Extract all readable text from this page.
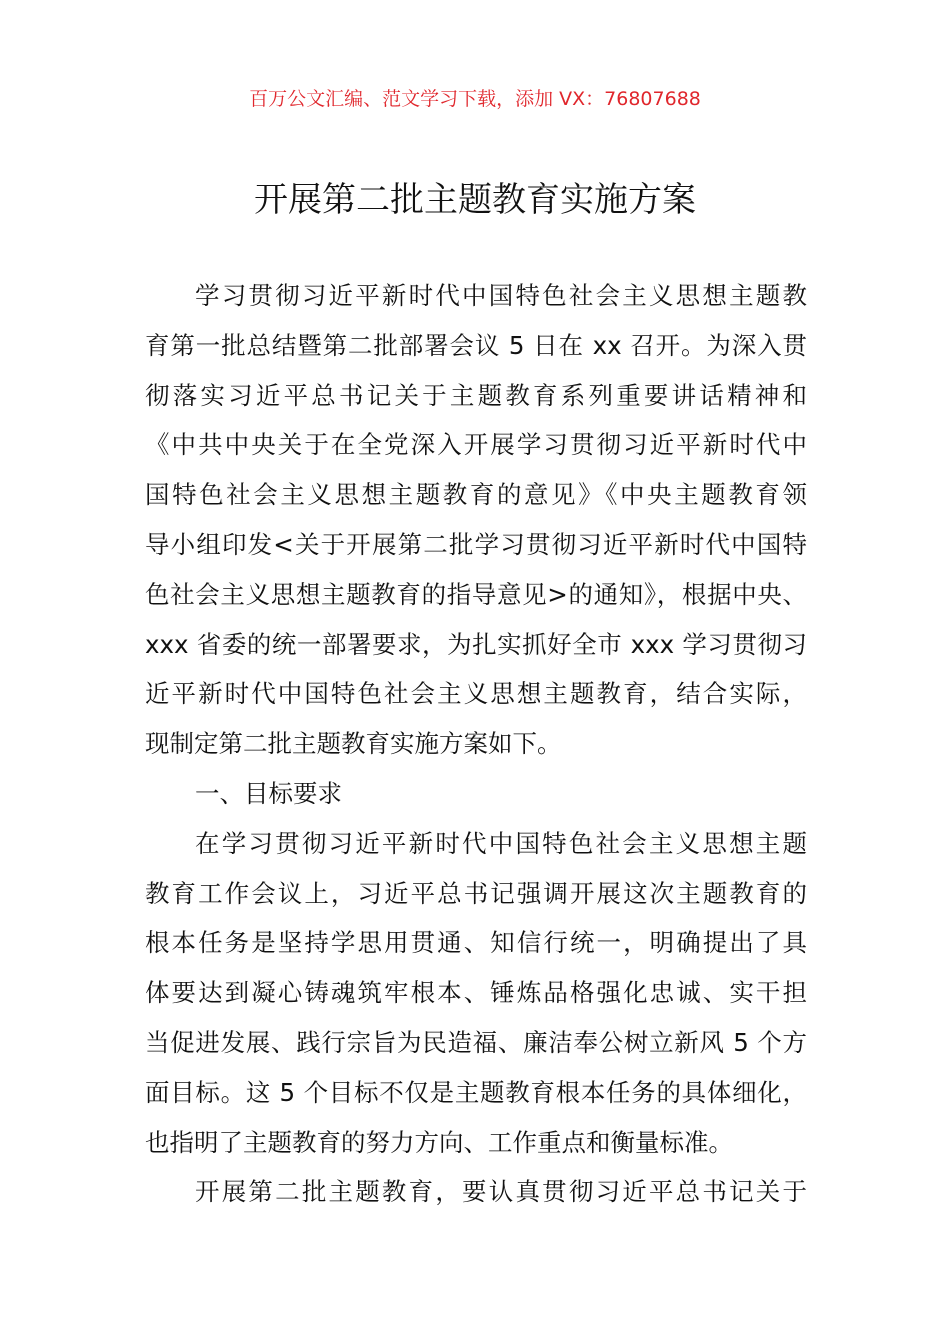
百万公文汇编、范文学习下载，添加 VX：76807688
开展第二批主题教育实施方案
学习贯彻习近平新时代中国特色社会主义思想主题教
育第一批总结暨第二批部署会议 5 日在 xx 召开。为深入贯
彻落实习近平总书记关于主题教育系列重要讲话精神和
《中共中央关于在全党深入开展学习贯彻习近平新时代中
国特色社会主义思想主题教育的意见》《中央主题教育领
导小组印发<关于开展第二批学习贯彻习近平新时代中国特
色社会主义思想主题教育的指导意见>的通知》，根据中央、
xxx 省委的统一部署要求，为扎实抓好全市 xxx 学习贯彻习
近平新时代中国特色社会主义思想主题教育，结合实际，
现制定第二批主题教育实施方案如下。
一、目标要求
在学习贯彻习近平新时代中国特色社会主义思想主题
教育工作会议上，习近平总书记强调开展这次主题教育的
根本任务是坚持学思用贯通、知信行统一，明确提出了具
体要达到凝心铸魂筑牢根本、锤炼品格强化忠诚、实干担
当促进发展、践行宗旨为民造福、廉洁奉公树立新风 5 个方
面目标。这 5 个目标不仅是主题教育根本任务的具体细化，
也指明了主题教育的努力方向、工作重点和衡量标准。
开展第二批主题教育，要认真贯彻习近平总书记关于
